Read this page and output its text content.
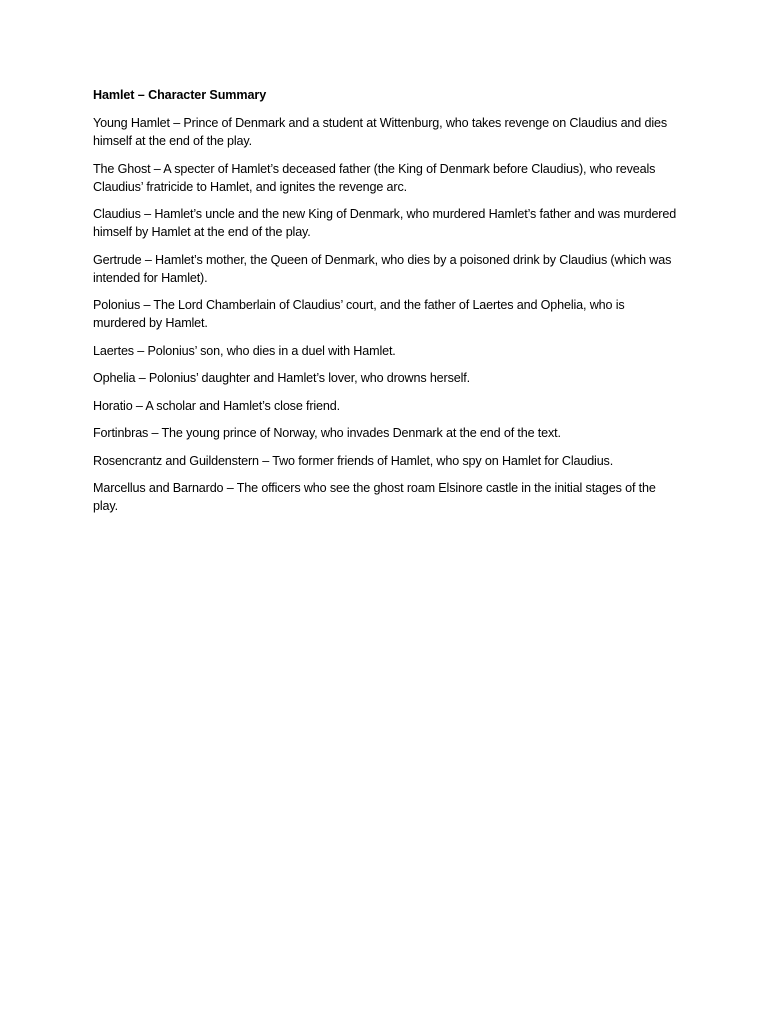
Hamlet – Character Summary

Young Hamlet – Prince of Denmark and a student at Wittenburg, who takes revenge on Claudius and dies himself at the end of the play.

The Ghost – A specter of Hamlet’s deceased father (the King of Denmark before Claudius), who reveals Claudius’ fratricide to Hamlet, and ignites the revenge arc.

Claudius – Hamlet’s uncle and the new King of Denmark, who murdered Hamlet’s father and was murdered himself by Hamlet at the end of the play.

Gertrude – Hamlet’s mother, the Queen of Denmark, who dies by a poisoned drink by Claudius (which was intended for Hamlet).

Polonius – The Lord Chamberlain of Claudius’ court, and the father of Laertes and Ophelia, who is murdered by Hamlet.

Laertes – Polonius’ son, who dies in a duel with Hamlet.

Ophelia – Polonius’ daughter and Hamlet’s lover, who drowns herself.

Horatio – A scholar and Hamlet’s close friend.

Fortinbras – The young prince of Norway, who invades Denmark at the end of the text.

Rosencrantz and Guildenstern – Two former friends of Hamlet, who spy on Hamlet for Claudius.

Marcellus and Barnardo – The officers who see the ghost roam Elsinore castle in the initial stages of the play.
